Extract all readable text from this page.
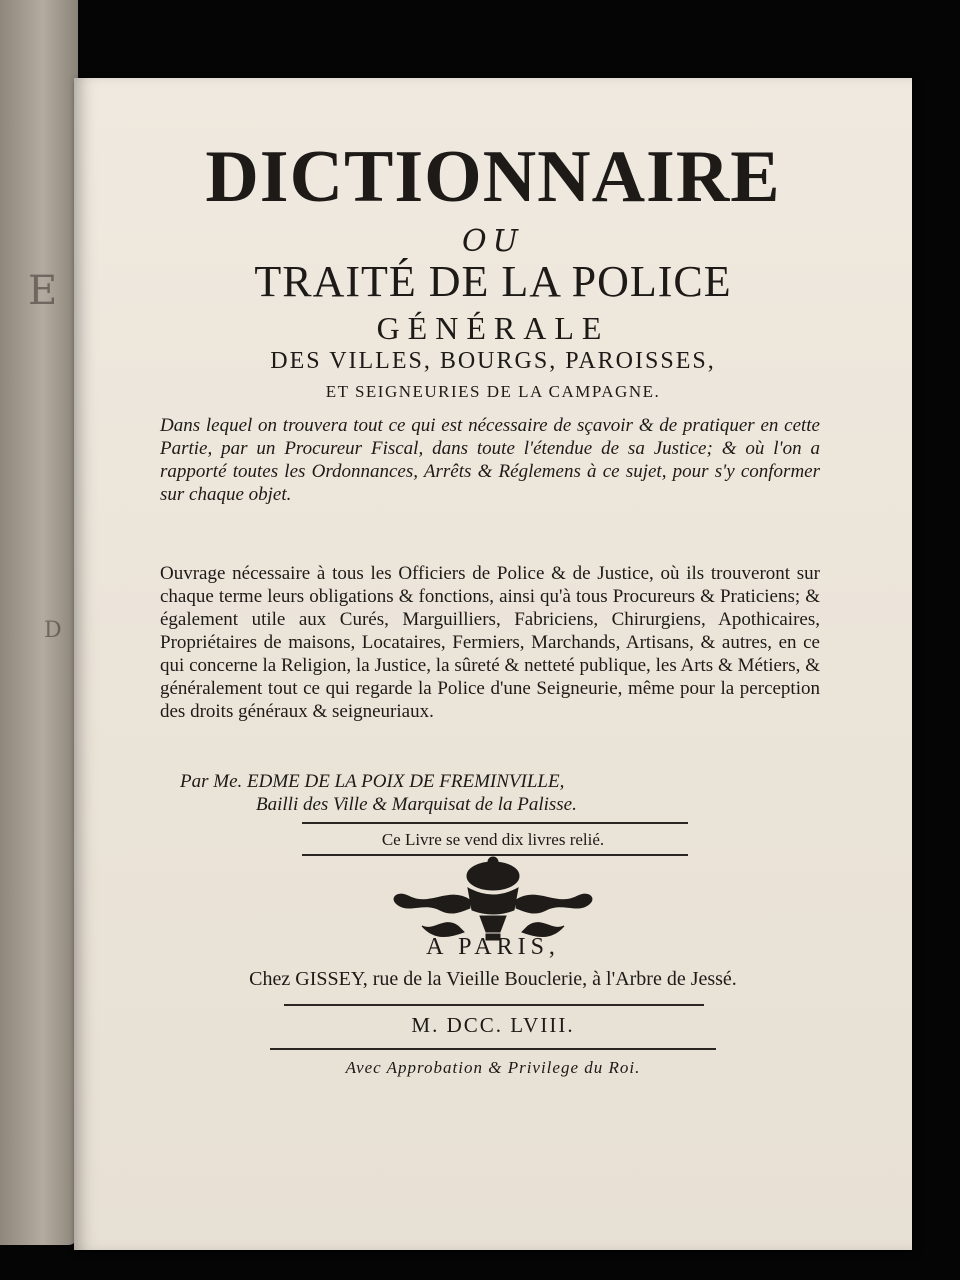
E
D
DICTIONNAIRE
OU
TRAITÉ DE LA POLICE
GÉNÉRALE
DES VILLES, BOURGS, PAROISSES,
ET SEIGNEURIES DE LA CAMPAGNE.
Dans lequel on trouvera tout ce qui est nécessaire de sçavoir & de pratiquer en cette Partie, par un Procureur Fiscal, dans toute l'étendue de sa Justice; & où l'on a rapporté toutes les Ordonnances, Arrêts & Réglemens à ce sujet, pour s'y conformer sur chaque objet.
Ouvrage nécessaire à tous les Officiers de Police & de Justice, où ils trouveront sur chaque terme leurs obligations & fonctions, ainsi qu'à tous Procureurs & Praticiens; & également utile aux Curés, Marguilliers, Fabriciens, Chirurgiens, Apothicaires, Propriétaires de maisons, Locataires, Fermiers, Marchands, Artisans, & autres, en ce qui concerne la Religion, la Justice, la sûreté & netteté publique, les Arts & Métiers, & généralement tout ce qui regarde la Police d'une Seigneurie, même pour la perception des droits généraux & seigneuriaux.
Par Me. EDME DE LA POIX DE FREMINVILLE,
Bailli des Ville & Marquisat de la Palisse.
Ce Livre se vend dix livres relié.
A PARIS,
Chez GISSEY, rue de la Vieille Bouclerie, à l'Arbre de Jessé.
M. DCC. LVIII.
Avec Approbation & Privilege du Roi.
